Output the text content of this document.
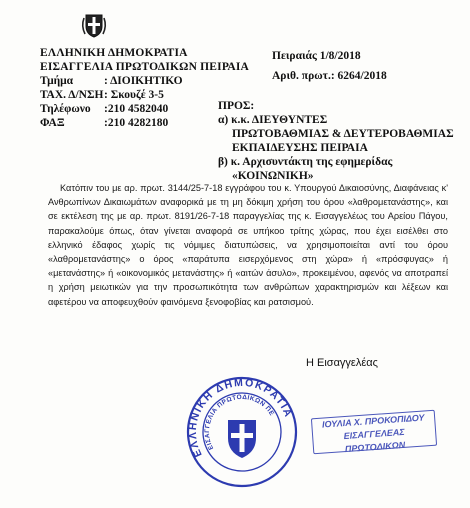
ΕΛΛΗΝΙΚΗ ΔΗΜΟΚΡΑΤΙΑ
ΕΙΣΑΓΓΕΛΙΑ ΠΡΩΤΟΔΙΚΩΝ ΠΕΙΡΑΙΑ
Τμήμα	: ΔΙΟΙΚΗΤΙΚΟ
ΤΑΧ. Δ/ΝΣΗ : Σκουζέ 3-5
Τηλέφωνο	:210 4582040
ΦΑΞ	:210 4282180
Πειραιάς 1/8/2018
Αριθ. πρωτ.: 6264/2018
ΠΡΟΣ:
α) κ.κ. ΔΙΕΥΘΥΝΤΕΣ
ΠΡΩΤΟΒΑΘΜΙΑΣ & ΔΕΥΤΕΡΟΒΑΘΜΙΑΣ
ΕΚΠΑΙΔΕΥΣΗΣ ΠΕΙΡΑΙΑ
β) κ. Αρχισυντάκτη της εφημερίδας
«ΚΟΙΝΩΝΙΚΗ»
Κατόπιν του με αρ. πρωτ. 3144/25-7-18 εγγράφου του κ. Υπουργού Δικαιοσύνης, Διαφάνειας κ' Ανθρωπίνων Δικαιωμάτων αναφορικά με τη μη δόκιμη χρήση του όρου «λαθρομετανάστης», και σε εκτέλεση της με αρ. πρωτ. 8191/26-7-18 παραγγελίας της κ. Εισαγγελέως του Αρείου Πάγου, παρακαλούμε όπως, όταν γίνεται αναφορά σε υπήκοο τρίτης χώρας, που έχει εισέλθει στο ελληνικό έδαφος χωρίς τις νόμιμες διατυπώσεις, να χρησιμοποιείται αντί του όρου «λαθρομετανάστης» ο όρος «παράτυπα εισερχόμενος στη χώρα» ή «πρόσφυγας» ή «μετανάστης» ή «οικονομικός μετανάστης» ή «αιτών άσυλο», προκειμένου, αφενός να αποτραπεί η χρήση μειωτικών για την προσωπικότητα των ανθρώπων χαρακτηρισμών και λέξεων και αφετέρου να αποφευχθούν φαινόμενα ξενοφοβίας και ρατσισμού.
Η Εισαγγελέας
ΕΛΛΗΝΙΚΗ ΔΗΜΟΚΡΑΤΙΑ
ΕΙΣΑΓΓΕΛΙΑ ΠΡΩΤΟΔΙΚΩΝ ΠΕΙΡΑΙΑ
ΙΟΥΛΙΑ Χ. ΠΡΟΚΟΠΙΔΟΥ
ΕΙΣΑΓΓΕΛΕΑΣ ΠΡΩΤΟΔΙΚΩΝ
